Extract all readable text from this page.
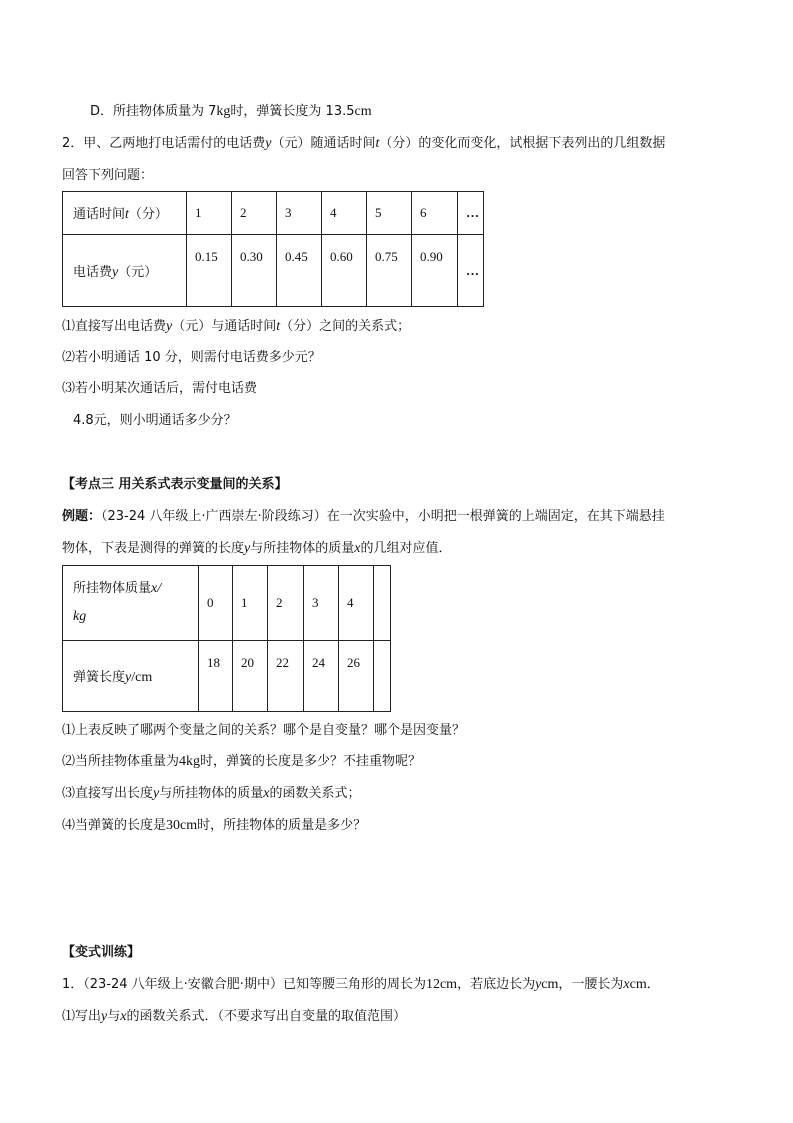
D．所挂物体质量为 7kg时，弹簧长度为 13.5cm
2．甲、乙两地打电话需付的电话费y（元）随通话时间t（分）的变化而变化，试根据下表列出的几组数据
回答下列问题：
通话时间t（分）	1	2	3	4	5	6	…
电话费y（元）	0.15	0.30	0.45	0.60	0.75	0.90	…
⑴直接写出电话费y（元）与通话时间t（分）之间的关系式；
⑵若小明通话 10 分，则需付电话费多少元？
⑶若小明某次通话后，需付电话费
4.8元，则小明通话多少分？
【考点三 用关系式表示变量间的关系】
例题：（23-24 八年级上·广西崇左·阶段练习）在一次实验中，小明把一根弹簧的上端固定，在其下端悬挂
物体，下表是测得的弹簧的长度y与所挂物体的质量x的几组对应值．
所挂物体质量x/
kg	0	1	2	3	4	
弹簧长度y/cm	18	20	22	24	26	
⑴上表反映了哪两个变量之间的关系？哪个是自变量？哪个是因变量？
⑵当所挂物体重量为4kg时，弹簧的长度是多少？不挂重物呢？
⑶直接写出长度y与所挂物体的质量x的函数关系式；
⑷当弹簧的长度是30cm时，所挂物体的质量是多少？
【变式训练】
1．（23-24 八年级上·安徽合肥·期中）已知等腰三角形的周长为12cm，若底边长为ycm，一腰长为xcm．
⑴写出y与x的函数关系式．（不要求写出自变量的取值范围）
